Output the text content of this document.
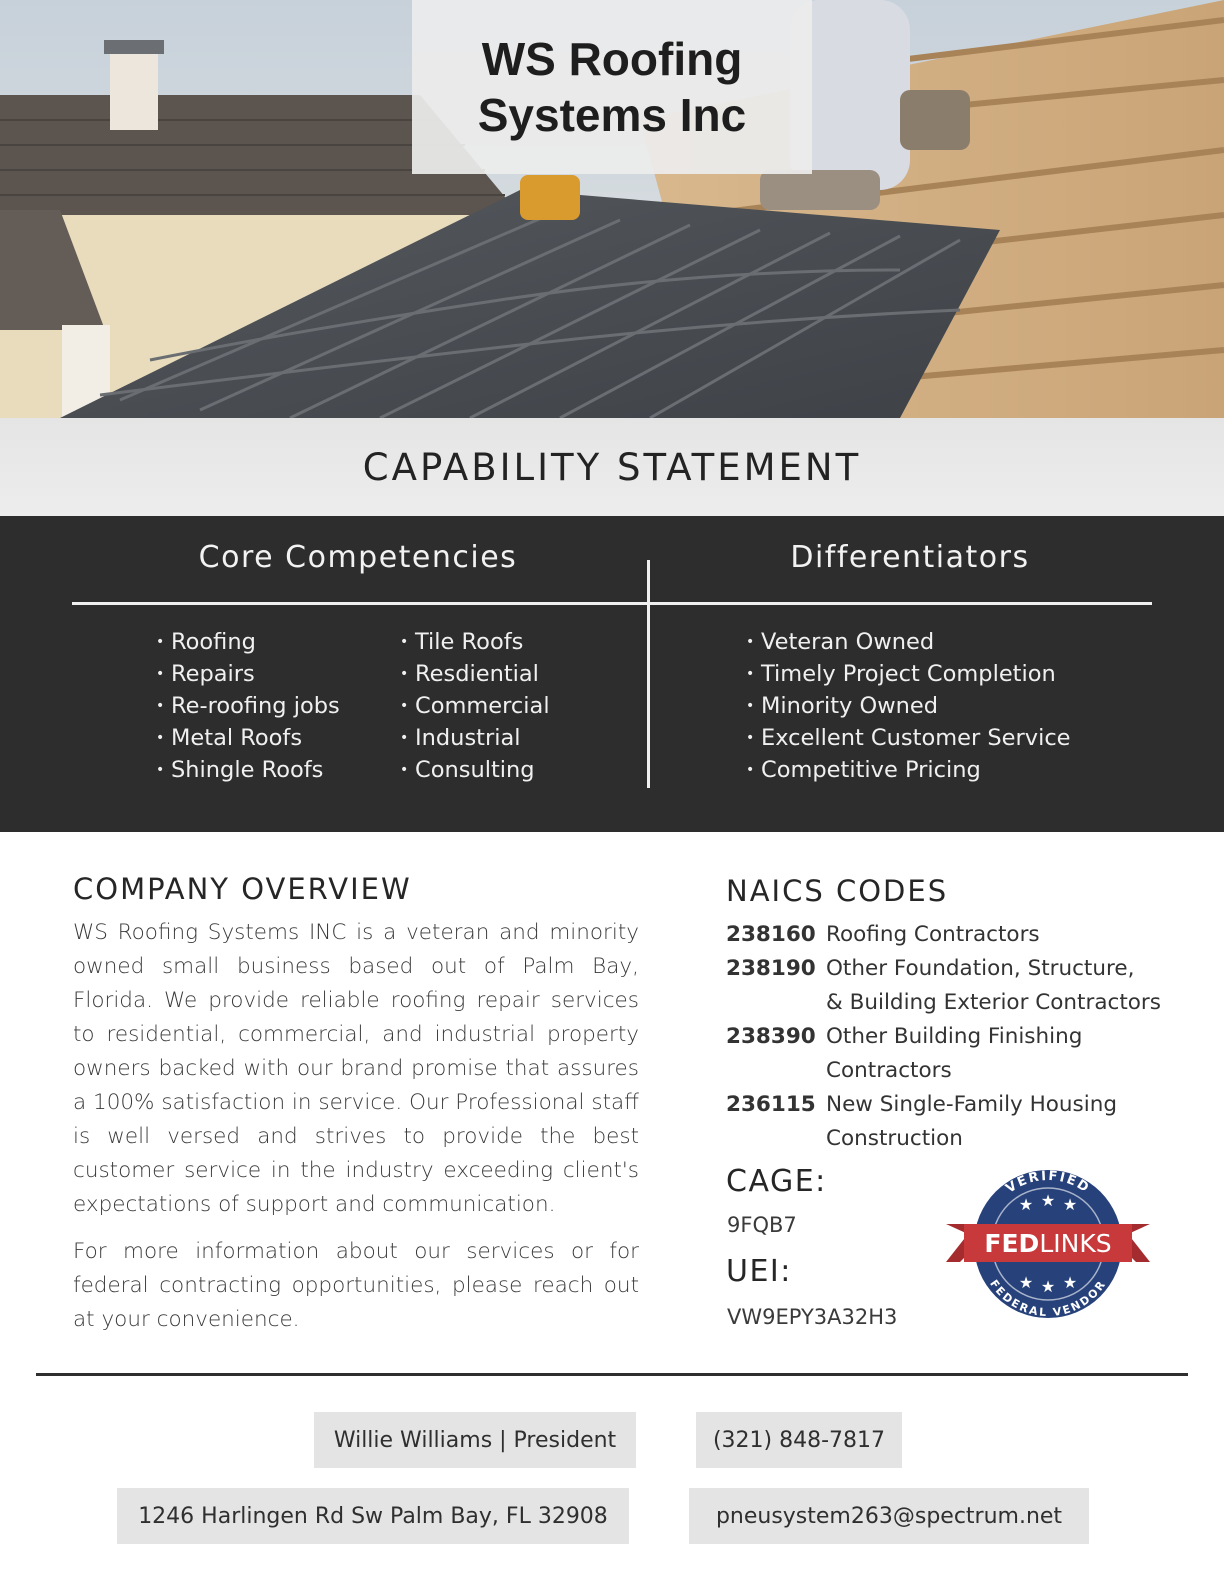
WS Roofing
Systems Inc
CAPABILITY STATEMENT
Core Competencies	Differentiators
• Roofing
• Repairs
• Re-roofing jobs
• Metal Roofs
• Shingle Roofs
• Tile Roofs
• Resdiential
• Commercial
• Industrial
• Consulting
• Veteran Owned
• Timely Project Completion
• Minority Owned
• Excellent Customer Service
• Competitive Pricing
COMPANY OVERVIEW

WS Roofing Systems INC is a veteran and minority owned small business based out of Palm Bay, Florida. We provide reliable roofing repair services to residential, commercial, and industrial property owners backed with our brand promise that assures a 100% satisfaction in service. Our Professional staff is well versed and strives to provide the best customer service in the industry exceeding client's expectations of support and communication.

For more information about our services or for federal contracting opportunities, please reach out at your convenience.

NAICS CODES
238160 Roofing Contractors
238190 Other Foundation, Structure,
& Building Exterior Contractors
238390 Other Building Finishing
Contractors
236115 New Single-Family Housing
Construction
CAGE:
9FQB7
UEI:
VW9EPY3A32H3
VERIFIED
FEDERAL VENDOR
★ ★ ★
★ ★ ★
FEDLINKS
Willie Williams | President	(321) 848-7817
1246 Harlingen Rd Sw Palm Bay, FL 32908	pneusystem263@spectrum.net
